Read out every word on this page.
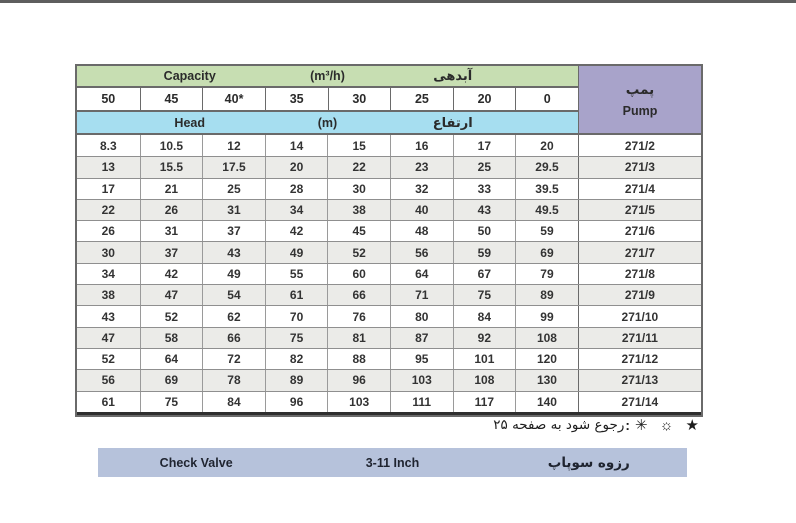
Capacity	(m³/h)	آبدهی
50	45	40*	35	30	25	20	0
Head	(m)	ارتفاع
پمپ
Pump
8.3	10.5	12	14	15	16	17	20	271/2
13	15.5	17.5	20	22	23	25	29.5	271/3
17	21	25	28	30	32	33	39.5	271/4
22	26	31	34	38	40	43	49.5	271/5
26	31	37	42	45	48	50	59	271/6
30	37	43	49	52	56	59	69	271/7
34	42	49	55	60	64	67	79	271/8
38	47	54	61	66	71	75	89	271/9
43	52	62	70	76	80	84	99	271/10
47	58	66	75	81	87	92	108	271/11
52	64	72	82	88	95	101	120	271/12
56	69	78	89	96	103	108	130	271/13
61	75	84	96	103	111	117	140	271/14
رجوع شود به صفحه ۲۵ : ✳ ☼ ★
Check Valve	3-11 Inch	رزوه سوپاپ
